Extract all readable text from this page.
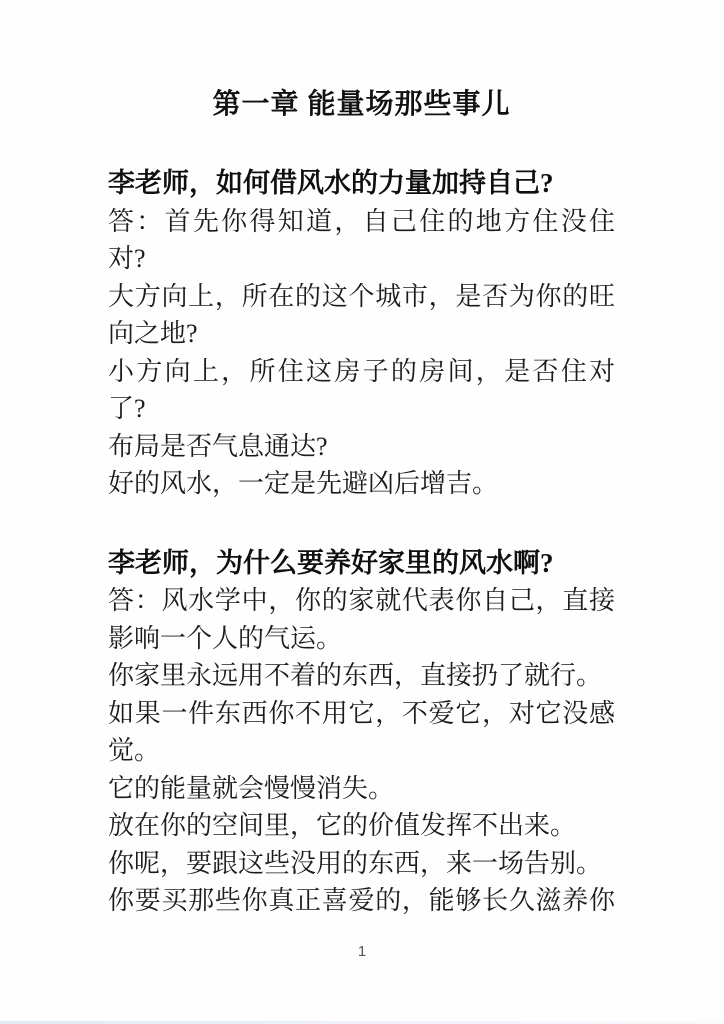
第一章 能量场那些事儿
李老师，如何借风水的力量加持自己?
答：首先你得知道，自己住的地方住没住
对?
大方向上，所在的这个城市，是否为你的旺
向之地?
小方向上，所住这房子的房间，是否住对
了?
布局是否气息通达?
好的风水，一定是先避凶后增吉。
李老师，为什么要养好家里的风水啊?
答：风水学中，你的家就代表你自己，直接
影响一个人的气运。
你家里永远用不着的东西，直接扔了就行。
如果一件东西你不用它，不爱它，对它没感
觉。
它的能量就会慢慢消失。
放在你的空间里，它的价值发挥不出来。
你呢，要跟这些没用的东西，来一场告别。
你要买那些你真正喜爱的，能够长久滋养你
1
